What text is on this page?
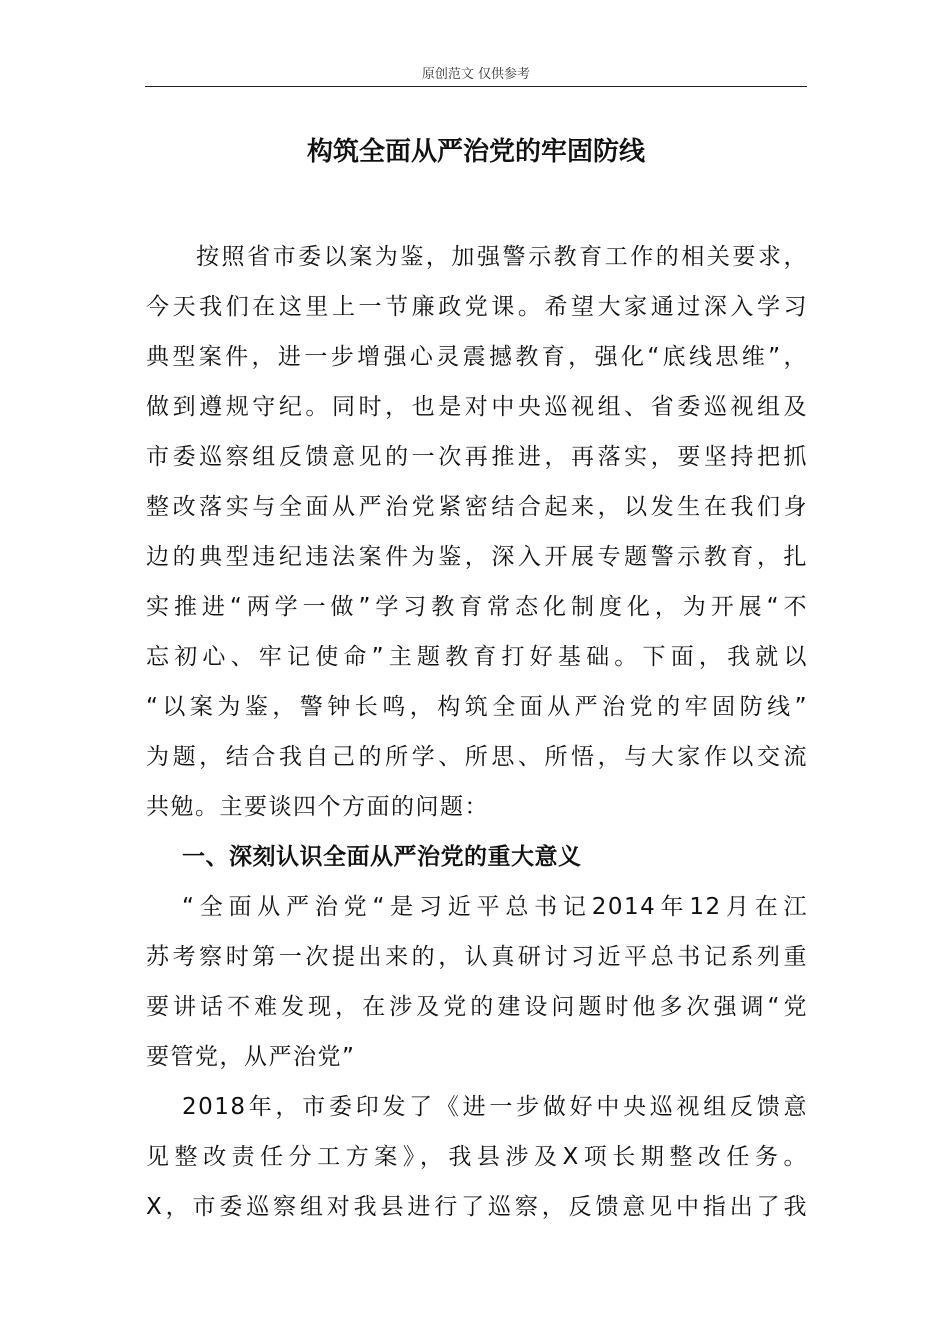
原创范文 仅供参考
构筑全面从严治党的牢固防线
按照省市委以案为鉴，加强警示教育工作的相关要求，
今天我们在这里上一节廉政党课。希望大家通过深入学习
典型案件，进一步增强心灵震撼教育，强化“底线思维”，
做到遵规守纪。同时，也是对中央巡视组、省委巡视组及
市委巡察组反馈意见的一次再推进，再落实，要坚持把抓
整改落实与全面从严治党紧密结合起来，以发生在我们身
边的典型违纪违法案件为鉴，深入开展专题警示教育，扎
实推进“两学一做”学习教育常态化制度化，为开展“不
忘初心、牢记使命”主题教育打好基础。下面，我就以
“以案为鉴，警钟长鸣，构筑全面从严治党的牢固防线”
为题，结合我自己的所学、所思、所悟，与大家作以交流
共勉。主要谈四个方面的问题：
一、深刻认识全面从严治党的重大意义
“全面从严治党“是习近平总书记2014年12月在江
苏考察时第一次提出来的，认真研讨习近平总书记系列重
要讲话不难发现，在涉及党的建设问题时他多次强调“党
要管党，从严治党”
2018年，市委印发了《进一步做好中央巡视组反馈意
见整改责任分工方案》，我县涉及X项长期整改任务。
X，市委巡察组对我县进行了巡察，反馈意见中指出了我
